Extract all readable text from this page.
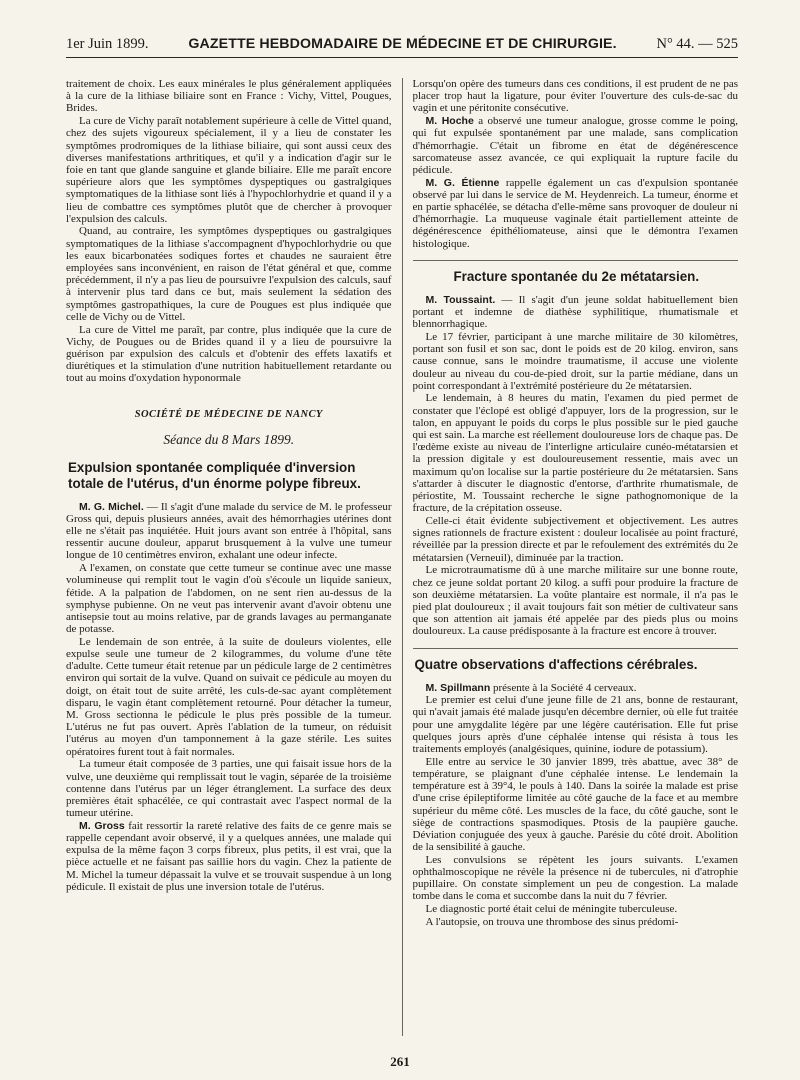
1er Juin 1899.	GAZETTE HEBDOMADAIRE DE MÉDECINE ET DE CHIRURGIE.	N° 44. — 525

traitement de choix. Les eaux minérales le plus généralement appliquées à la cure de la lithiase biliaire sont en France : Vichy, Vittel, Pougues, Brides.

La cure de Vichy paraît notablement supérieure à celle de Vittel quand, chez des sujets vigoureux spécialement, il y a lieu de constater les symptômes prodromiques de la lithiase biliaire, qui sont aussi ceux des diverses manifestations arthritiques, et qu'il y a indication d'agir sur le foie en tant que glande sanguine et glande biliaire. Elle me paraît encore supérieure alors que les symptômes dyspeptiques ou gastralgiques symptomatiques de la lithiase sont liés à l'hypochlorhydrie et quand il y a lieu de combattre ces symptômes plutôt que de chercher à provoquer l'expulsion des calculs.

Quand, au contraire, les symptômes dyspeptiques ou gastralgiques symptomatiques de la lithiase s'accompagnent d'hypochlorhydrie ou que les eaux bicarbonatées sodiques fortes et chaudes ne sauraient être employées sans inconvénient, en raison de l'état général et que, comme précédemment, il n'y a pas lieu de poursuivre l'expulsion des calculs, sauf à intervenir plus tard dans ce but, mais seulement la sédation des symptômes gastropathiques, la cure de Pougues est plus indiquée que celle de Vichy ou de Vittel.

La cure de Vittel me paraît, par contre, plus indiquée que la cure de Vichy, de Pougues ou de Brides quand il y a lieu de poursuivre la guérison par expulsion des calculs et d'obtenir des effets laxatifs et diurétiques et la stimulation d'une nutrition habituellement retardante ou tout au moins d'oxydation hyponormale

SOCIÉTÉ DE MÉDECINE DE NANCY
Séance du 8 Mars 1899.
Expulsion spontanée compliquée d'inversion totale de l'utérus, d'un énorme polype fibreux.

M. G. Michel. — Il s'agit d'une malade du service de M. le professeur Gross qui, depuis plusieurs années, avait des hémorrhagies utérines dont elle ne s'était pas inquiétée. Huit jours avant son entrée à l'hôpital, sans ressentir aucune douleur, apparut brusquement à la vulve une tumeur longue de 10 centimètres environ, exhalant une odeur infecte.

A l'examen, on constate que cette tumeur se continue avec une masse volumineuse qui remplit tout le vagin d'où s'écoule un liquide sanieux, fétide. A la palpation de l'abdomen, on ne sent rien au-dessus de la symphyse pubienne. On ne veut pas intervenir avant d'avoir obtenu une antisepsie tout au moins relative, par de grands lavages au permanganate de potasse.

Le lendemain de son entrée, à la suite de douleurs violentes, elle expulse seule une tumeur de 2 kilogrammes, du volume d'une tête d'adulte. Cette tumeur était retenue par un pédicule large de 2 centimètres environ qui sortait de la vulve. Quand on suivait ce pédicule au moyen du doigt, on était tout de suite arrêté, les culs-de-sac ayant complètement disparu, le vagin étant complètement retourné. Pour détacher la tumeur, M. Gross sectionna le pédicule le plus près possible de la tumeur. L'utérus ne fut pas ouvert. Après l'ablation de la tumeur, on réduisit l'utérus au moyen d'un tamponnement à la gaze stérile. Les suites opératoires furent tout à fait normales.

La tumeur était composée de 3 parties, une qui faisait issue hors de la vulve, une deuxième qui remplissait tout le vagin, séparée de la troisième contenne dans l'utérus par un léger étranglement. La surface des deux premières était sphacélée, ce qui contrastait avec l'aspect normal de la tumeur utérine.

M. Gross fait ressortir la rareté relative des faits de ce genre mais se rappelle cependant avoir observé, il y a quelques années, une malade qui expulsa de la même façon 3 corps fibreux, plus petits, il est vrai, que la pièce actuelle et ne faisant pas saillie hors du vagin. Chez la patiente de M. Michel la tumeur dépassait la vulve et se trouvait suspendue à un long pédicule. Il existait de plus une inversion totale de l'utérus.

Lorsqu'on opère des tumeurs dans ces conditions, il est prudent de ne pas placer trop haut la ligature, pour éviter l'ouverture des culs-de-sac du vagin et une péritonite consécutive.

M. Hoche a observé une tumeur analogue, grosse comme le poing, qui fut expulsée spontanément par une malade, sans complication d'hémorrhagie. C'était un fibrome en état de dégénérescence sarcomateuse assez avancée, ce qui expliquait la rupture facile du pédicule.

M. G. Étienne rappelle également un cas d'expulsion spontanée observé par lui dans le service de M. Heydenreich. La tumeur, énorme et en partie sphacélée, se détacha d'elle-même sans provoquer de douleur ni d'hémorrhagie. La muqueuse vaginale était partiellement atteinte de dégénérescence épithéliomateuse, ainsi que le démontra l'examen histologique.

Fracture spontanée du 2e métatarsien.

M. Toussaint. — Il s'agit d'un jeune soldat habituellement bien portant et indemne de diathèse syphilitique, rhumatismale et blennorrhagique.

Le 17 février, participant à une marche militaire de 30 kilomètres, portant son fusil et son sac, dont le poids est de 20 kilog. environ, sans cause connue, sans le moindre traumatisme, il accuse une violente douleur au niveau du cou-de-pied droit, sur la partie médiane, dans un point correspondant à l'extrémité postérieure du 2e métatarsien.

Le lendemain, à 8 heures du matin, l'examen du pied permet de constater que l'éclopé est obligé d'appuyer, lors de la progression, sur le talon, en appuyant le poids du corps le plus possible sur le pied gauche qui est sain. La marche est réellement douloureuse lors de chaque pas. De l'œdème existe au niveau de l'interligne articulaire cunéo-métatarsien et la pression digitale y est douloureusement ressentie, mais avec un maximum qu'on localise sur la partie postérieure du 2e métatarsien. Sans s'attarder à discuter le diagnostic d'entorse, d'arthrite rhumatismale, de périostite, M. Toussaint recherche le signe pathognomonique de la fracture, de la crépitation osseuse.

Celle-ci était évidente subjectivement et objectivement. Les autres signes rationnels de fracture existent : douleur localisée au point fracturé, réveillée par la pression directe et par le refoulement des extrémités du 2e métatarsien (Verneuil), diminuée par la traction.

Le microtraumatisme dû à une marche militaire sur une bonne route, chez ce jeune soldat portant 20 kilog. a suffi pour produire la fracture de son deuxième métatarsien. La voûte plantaire est normale, il n'a pas le pied plat douloureux ; il avait toujours fait son métier de cultivateur sans que son attention ait jamais été appelée par des pieds plus ou moins douloureux. La cause prédisposante à la fracture est encore à trouver.

Quatre observations d'affections cérébrales.

M. Spillmann présente à la Société 4 cerveaux.

Le premier est celui d'une jeune fille de 21 ans, bonne de restaurant, qui n'avait jamais été malade jusqu'en décembre dernier, où elle fut traitée pour une amygdalite légère par une légère cautérisation. Elle fut prise quelques jours après d'une céphalée intense qui résista à tous les traitements employés (analgésiques, quinine, iodure de potassium).

Elle entre au service le 30 janvier 1899, très abattue, avec 38° de température, se plaignant d'une céphalée intense. Le lendemain la température est à 39°4, le pouls à 140. Dans la soirée la malade est prise d'une crise épileptiforme limitée au côté gauche de la face et au membre supérieur du même côté. Les muscles de la face, du côté gauche, sont le siège de contractions spasmodiques. Ptosis de la paupière gauche. Déviation conjuguée des yeux à gauche. Parésie du côté droit. Abolition de la sensibilité à gauche.

Les convulsions se répètent les jours suivants. L'examen ophthalmoscopique ne révèle la présence ni de tubercules, ni d'atrophie pupillaire. On constate simplement un peu de congestion. La malade tombe dans le coma et succombe dans la nuit du 7 février.

Le diagnostic porté était celui de méningite tuberculeuse.

A l'autopsie, on trouva une thrombose des sinus prédomi-

261
